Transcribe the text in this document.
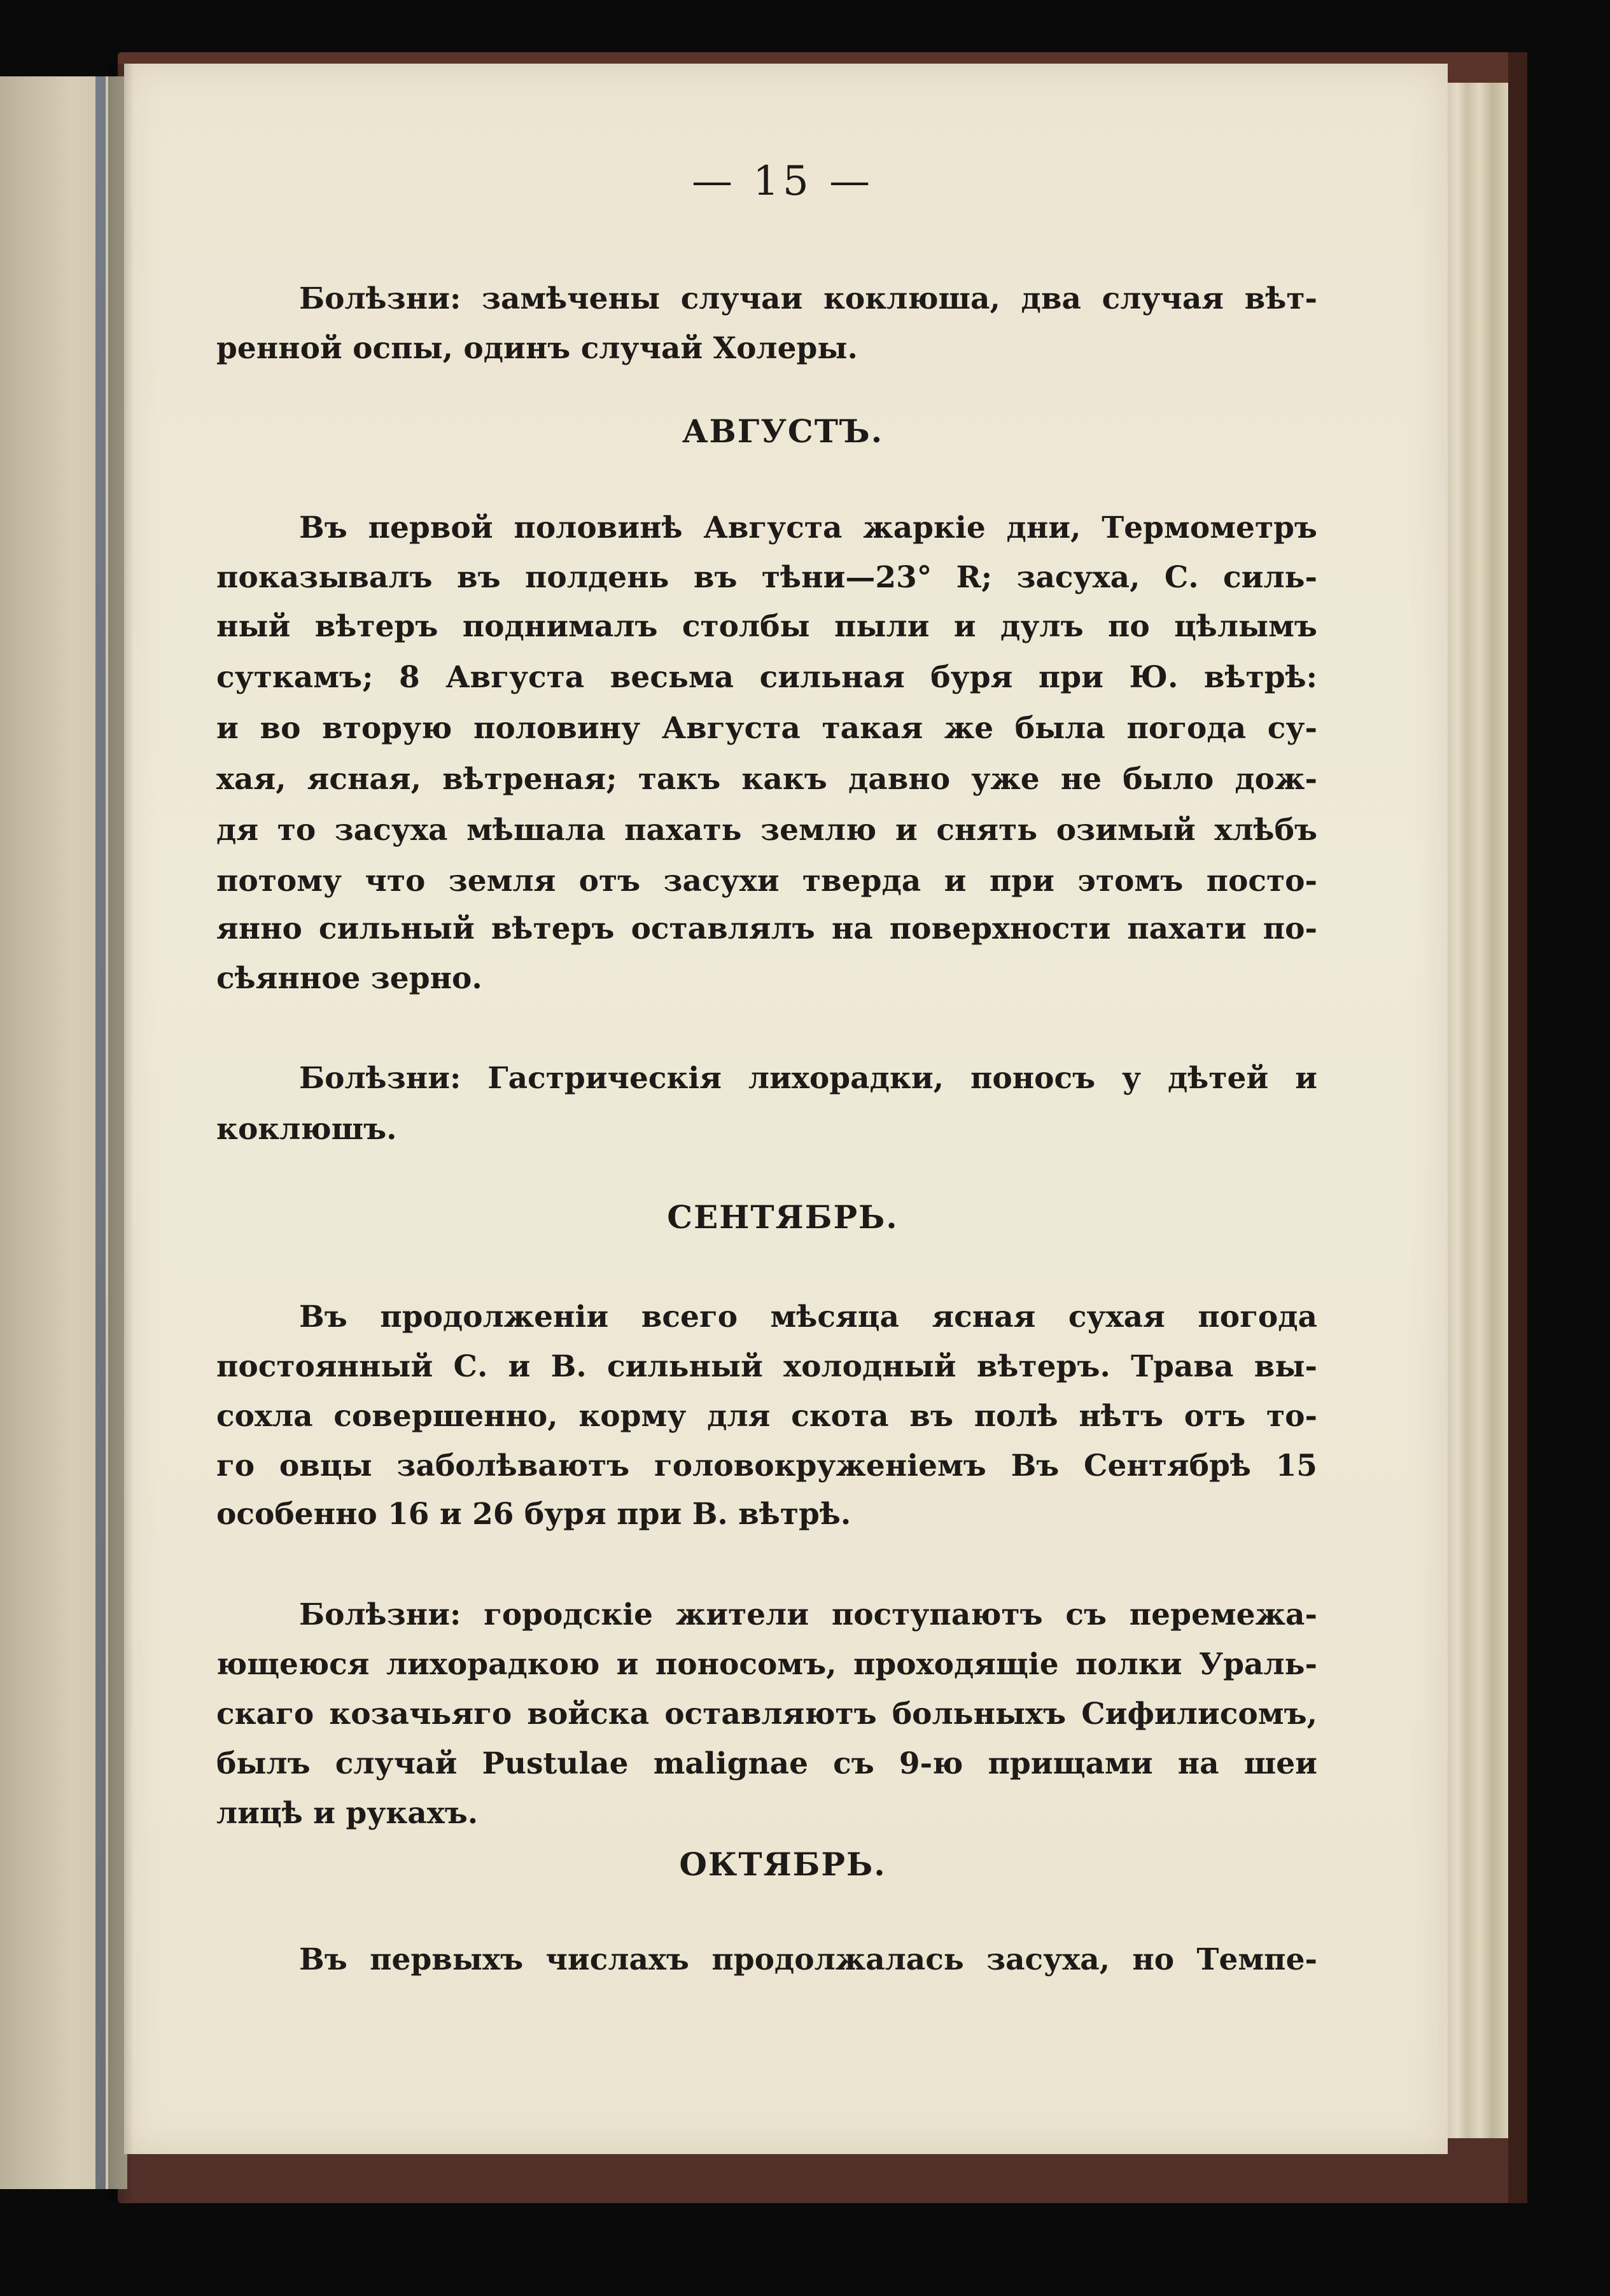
— 15 —
Болѣзни: замѣчены случаи коклюша, два случая вѣт-
ренной оспы, одинъ случай Холеры.
АВГУСТЪ.
Въ первой половинѣ Августа жаркіе дни, Термометръ
показывалъ въ полдень въ тѣни—23° R; засуха, С. силь-
ный вѣтеръ поднималъ столбы пыли и дулъ по цѣлымъ
суткамъ; 8 Августа весьма сильная буря при Ю. вѣтрѣ:
и во вторую половину Августа такая же была погода су-
хая, ясная, вѣтреная; такъ какъ давно уже не было дож-
дя то засуха мѣшала пахать землю и снять озимый хлѣбъ
потому что земля отъ засухи тверда и при этомъ посто-
янно сильный вѣтеръ оставлялъ на поверхности пахати по-
сѣянное зерно.
Болѣзни: Гастрическія лихорадки, поносъ у дѣтей и
коклюшъ.
СЕНТЯБРЬ.
Въ продолженіи всего мѣсяца ясная сухая погода
постоянный С. и В. сильный холодный вѣтеръ. Трава вы-
сохла совершенно, корму для скота въ полѣ нѣтъ отъ то-
го овцы заболѣваютъ головокруженіемъ Въ Сентябрѣ 15
особенно 16 и 26 буря при В. вѣтрѣ.
Болѣзни: городскіе жители поступаютъ съ перемежа-
ющеюся лихорадкою и поносомъ, проходящіе полки Ураль-
скаго козачьяго войска оставляютъ больныхъ Сифилисомъ,
былъ случай Pustulae malignae съ 9-ю прищами на шеи
лицѣ и рукахъ.
ОКТЯБРЬ.
Въ первыхъ числахъ продолжалась засуха, но Темпе-
